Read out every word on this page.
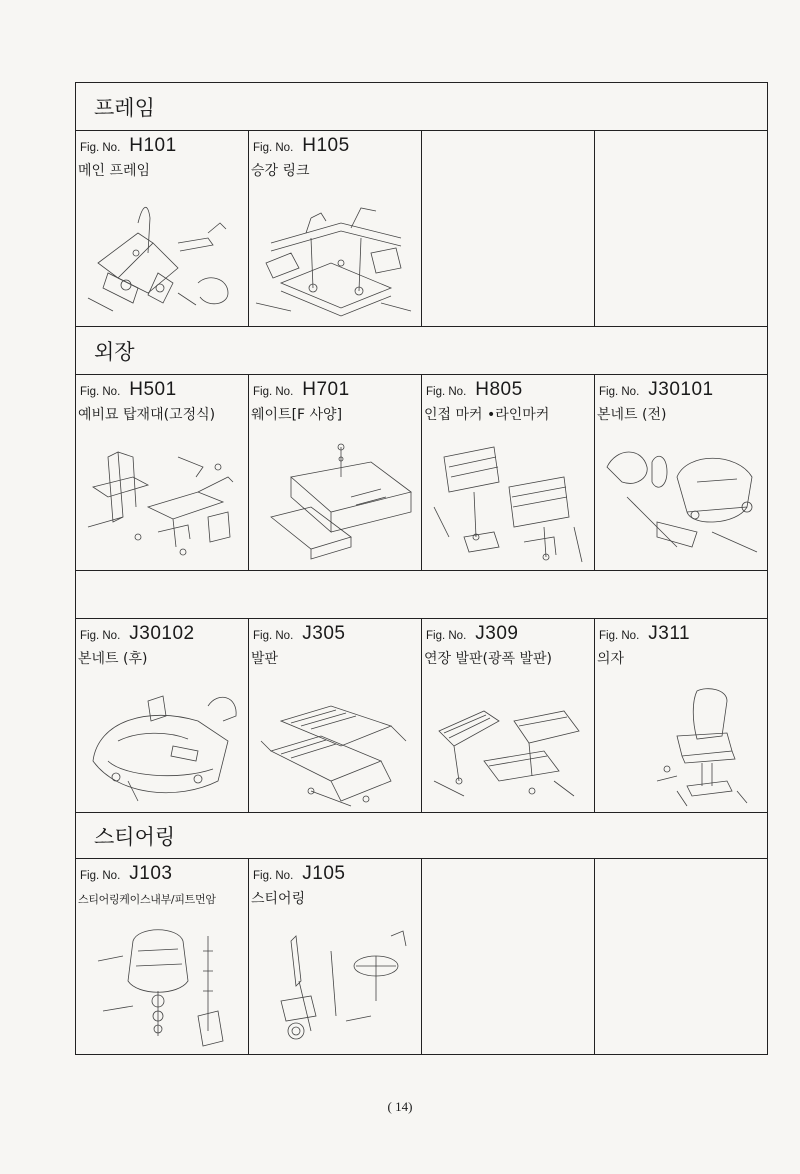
프레임
Fig. No. H101
메인 프레임
Fig. No. H105
승강 링크
외장
Fig. No. H501
예비묘 탑재대(고정식)
Fig. No. H701
웨이트[F 사양]
Fig. No. H805
인접 마커 •라인마커
Fig. No. J30101
본네트 (전)
Fig. No. J30102
본네트 (후)
Fig. No. J305
발판
Fig. No. J309
연장 발판(광폭 발판)
Fig. No. J311
의자
스티어링
Fig. No. J103
스티어링케이스내부/피트먼암
Fig. No. J105
스티어링
( 14)
